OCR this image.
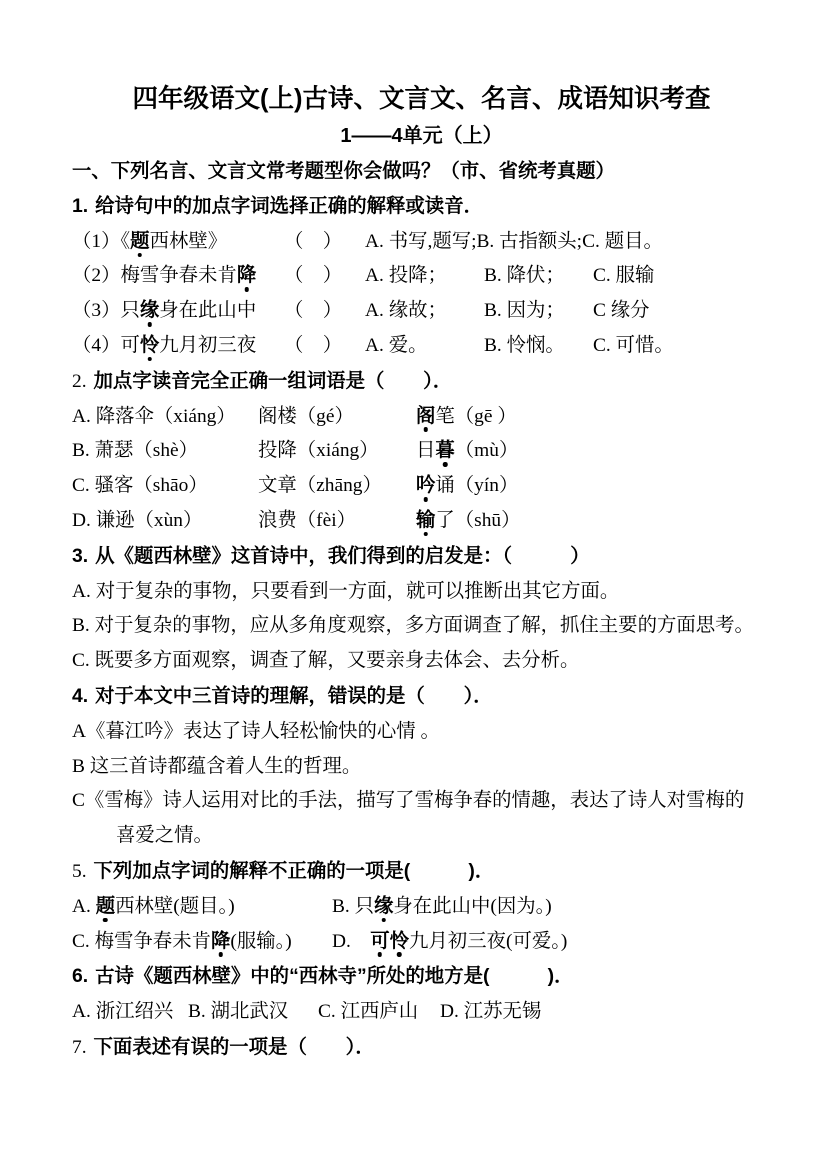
四年级语文(上)古诗、文言文、名言、成语知识考查
1——4单元（上）
一、下列名言、文言文常考题型你会做吗？（市、省统考真题）
1. 给诗句中的加点字词选择正确的解释或读音．
（1）《题西林壁》	（　）	A. 书写,题写;B. 古指额头;C. 题目。
（2）梅雪争春未肯降	（　）	A. 投降；	B. 降伏；	C. 服输
（3）只缘身在此山中	（　）	A. 缘故；	B. 因为；	C 缘分
（4）可怜九月初三夜	（　）	A. 爱。	B. 怜悯。	C. 可惜。
2. 加点字读音完全正确一组词语是（　　）．
A. 降落伞（xiáng）	阁楼（gé）	阁笔（gē ）
B. 萧瑟（shè）	投降（xiáng）	日暮（mù）
C. 骚客（shāo）	文章（zhāng）	吟诵（yín）
D. 谦逊（xùn）	浪费（fèi）	输了（shū）
3. 从《题西林壁》这首诗中，我们得到的启发是：（　　　）
A. 对于复杂的事物，只要看到一方面，就可以推断出其它方面。
B. 对于复杂的事物，应从多角度观察，多方面调查了解，抓住主要的方面思考。
C. 既要多方面观察，调查了解，又要亲身去体会、去分析。
4. 对于本文中三首诗的理解，错误的是（　　）．
A《暮江吟》表达了诗人轻松愉快的心情 。
B 这三首诗都蕴含着人生的哲理。
C《雪梅》诗人运用对比的手法，描写了雪梅争春的情趣，表达了诗人对雪梅的
喜爱之情。
5. 下列加点字词的解释不正确的一项是(　　　)．
A. 题西林壁(题目。)	B. 只缘身在此山中(因为。)
C. 梅雪争春未肯降(服输。)	D.　可怜九月初三夜(可爱。)
6. 古诗《题西林壁》中的“西林寺”所处的地方是(　　　)．
A. 浙江绍兴 B. 湖北武汉	C. 江西庐山	D. 江苏无锡
7. 下面表述有误的一项是（　　）．
